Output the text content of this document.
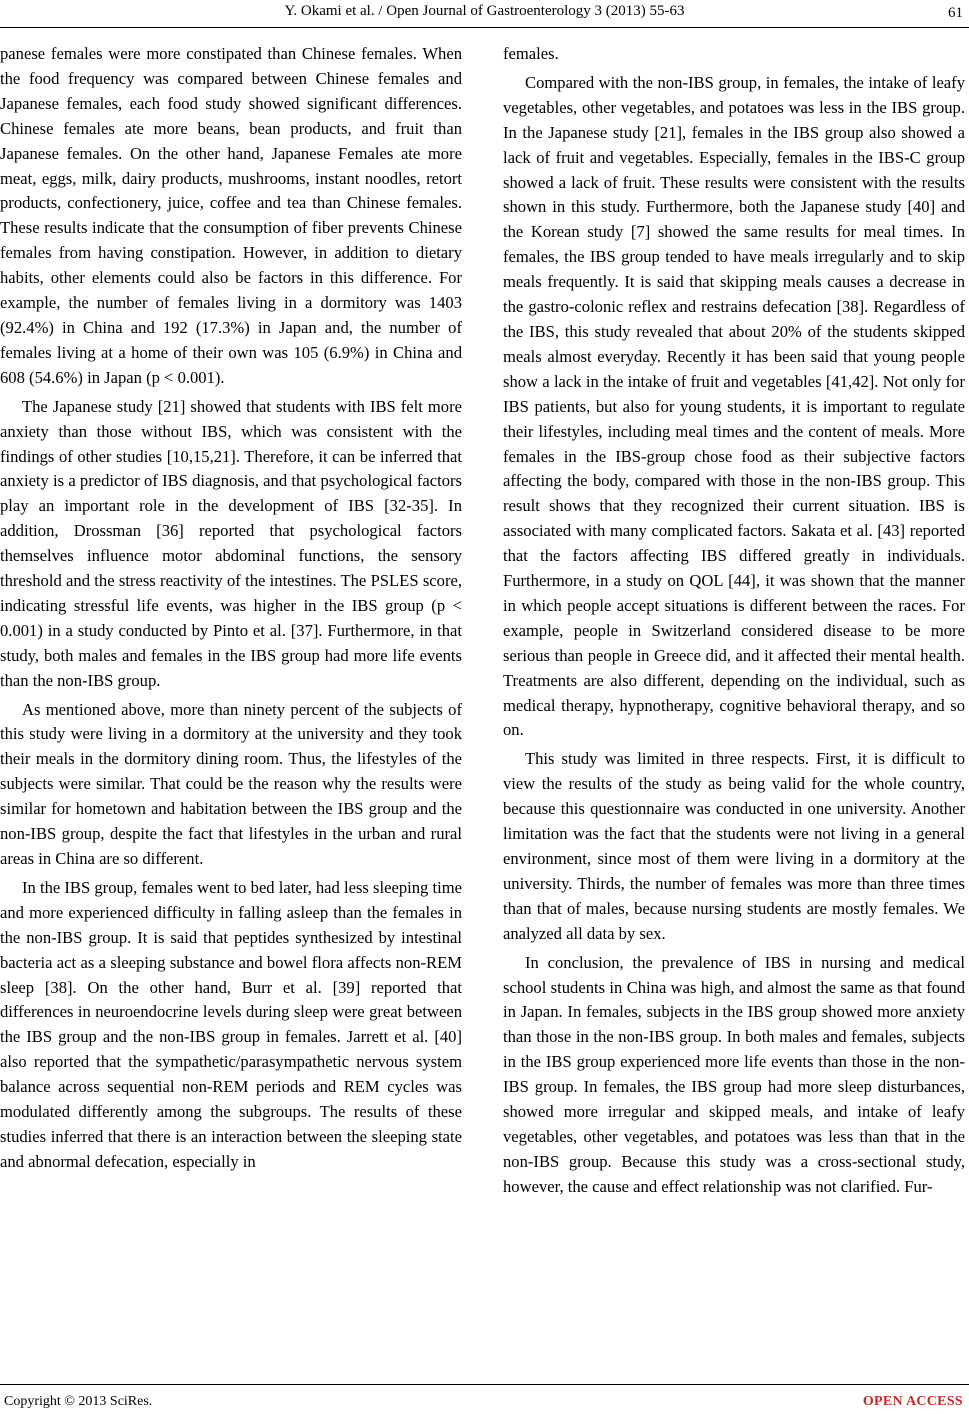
Y. Okami et al. / Open Journal of Gastroenterology 3 (2013) 55-63	61

panese females were more constipated than Chinese females. When the food frequency was compared between Chinese females and Japanese females, each food study showed significant differences. Chinese females ate more beans, bean products, and fruit than Japanese females. On the other hand, Japanese Females ate more meat, eggs, milk, dairy products, mushrooms, instant noodles, retort products, confectionery, juice, coffee and tea than Chinese females. These results indicate that the consumption of fiber prevents Chinese females from having constipation. However, in addition to dietary habits, other elements could also be factors in this difference. For example, the number of females living in a dormitory was 1403 (92.4%) in China and 192 (17.3%) in Japan and, the number of females living at a home of their own was 105 (6.9%) in China and 608 (54.6%) in Japan (p < 0.001).

The Japanese study [21] showed that students with IBS felt more anxiety than those without IBS, which was consistent with the findings of other studies [10,15,21]. Therefore, it can be inferred that anxiety is a predictor of IBS diagnosis, and that psychological factors play an important role in the development of IBS [32-35]. In addition, Drossman [36] reported that psychological factors themselves influence motor abdominal functions, the sensory threshold and the stress reactivity of the intestines. The PSLES score, indicating stressful life events, was higher in the IBS group (p < 0.001) in a study conducted by Pinto et al. [37]. Furthermore, in that study, both males and females in the IBS group had more life events than the non-IBS group.

As mentioned above, more than ninety percent of the subjects of this study were living in a dormitory at the university and they took their meals in the dormitory dining room. Thus, the lifestyles of the subjects were similar. That could be the reason why the results were similar for hometown and habitation between the IBS group and the non-IBS group, despite the fact that lifestyles in the urban and rural areas in China are so different.

In the IBS group, females went to bed later, had less sleeping time and more experienced difficulty in falling asleep than the females in the non-IBS group. It is said that peptides synthesized by intestinal bacteria act as a sleeping substance and bowel flora affects non-REM sleep [38]. On the other hand, Burr et al. [39] reported that differences in neuroendocrine levels during sleep were great between the IBS group and the non-IBS group in females. Jarrett et al. [40] also reported that the sympathetic/parasympathetic nervous system balance across sequential non-REM periods and REM cycles was modulated differently among the subgroups. The results of these studies inferred that there is an interaction between the sleeping state and abnormal defecation, especially in

females.

Compared with the non-IBS group, in females, the intake of leafy vegetables, other vegetables, and potatoes was less in the IBS group. In the Japanese study [21], females in the IBS group also showed a lack of fruit and vegetables. Especially, females in the IBS-C group showed a lack of fruit. These results were consistent with the results shown in this study. Furthermore, both the Japanese study [40] and the Korean study [7] showed the same results for meal times. In females, the IBS group tended to have meals irregularly and to skip meals frequently. It is said that skipping meals causes a decrease in the gastro-colonic reflex and restrains defecation [38]. Regardless of the IBS, this study revealed that about 20% of the students skipped meals almost everyday. Recently it has been said that young people show a lack in the intake of fruit and vegetables [41,42]. Not only for IBS patients, but also for young students, it is important to regulate their lifestyles, including meal times and the content of meals. More females in the IBS-group chose food as their subjective factors affecting the body, compared with those in the non-IBS group. This result shows that they recognized their current situation. IBS is associated with many complicated factors. Sakata et al. [43] reported that the factors affecting IBS differed greatly in individuals. Furthermore, in a study on QOL [44], it was shown that the manner in which people accept situations is different between the races. For example, people in Switzerland considered disease to be more serious than people in Greece did, and it affected their mental health. Treatments are also different, depending on the individual, such as medical therapy, hypnotherapy, cognitive behavioral therapy, and so on.

This study was limited in three respects. First, it is difficult to view the results of the study as being valid for the whole country, because this questionnaire was conducted in one university. Another limitation was the fact that the students were not living in a general environment, since most of them were living in a dormitory at the university. Thirds, the number of females was more than three times than that of males, because nursing students are mostly females. We analyzed all data by sex.

In conclusion, the prevalence of IBS in nursing and medical school students in China was high, and almost the same as that found in Japan. In females, subjects in the IBS group showed more anxiety than those in the non-IBS group. In both males and females, subjects in the IBS group experienced more life events than those in the non-IBS group. In females, the IBS group had more sleep disturbances, showed more irregular and skipped meals, and intake of leafy vegetables, other vegetables, and potatoes was less than that in the non-IBS group. Because this study was a cross-sectional study, however, the cause and effect relationship was not clarified. Fur-

Copyright © 2013 SciRes.	OPEN ACCESS
